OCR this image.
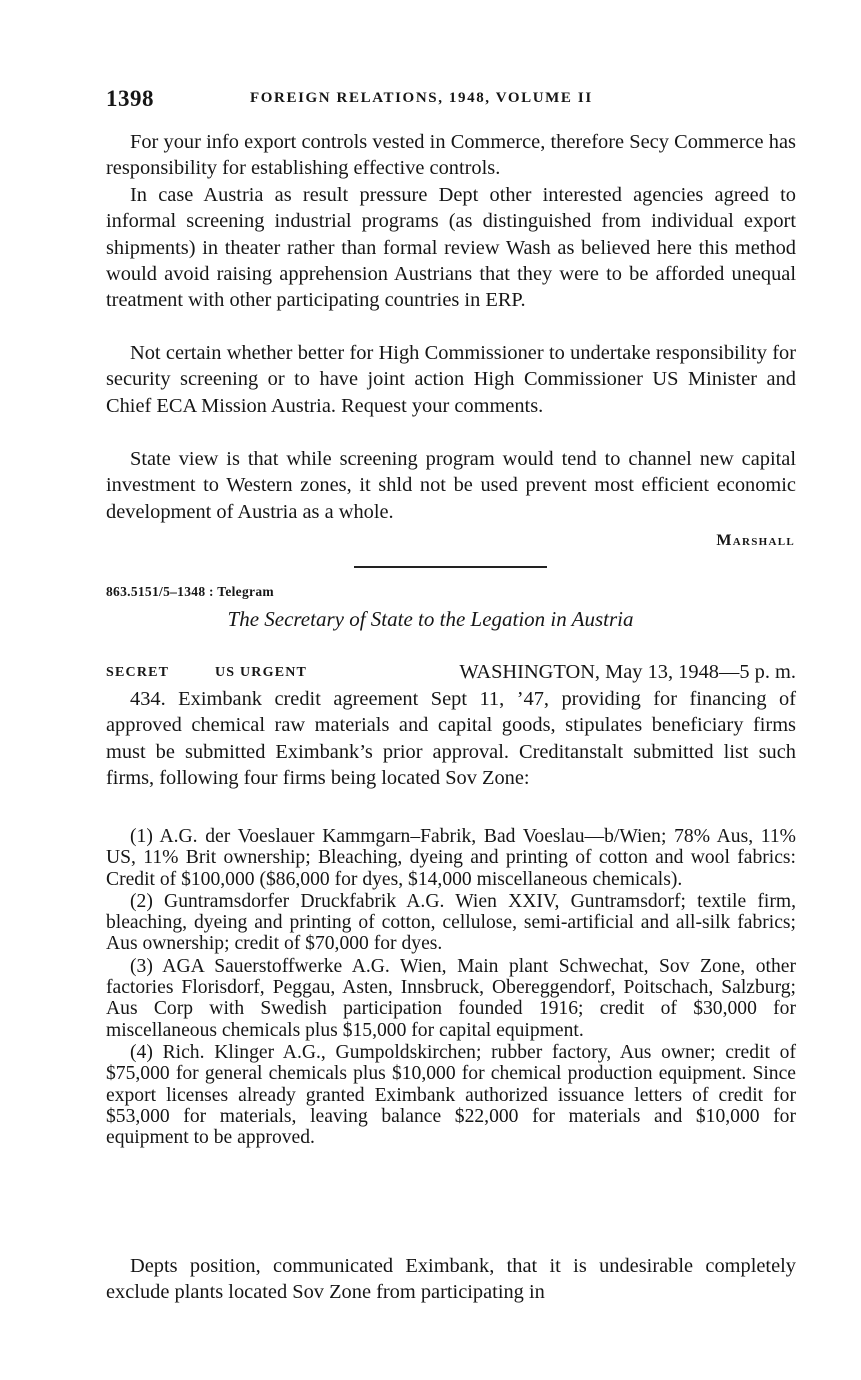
1398	FOREIGN RELATIONS, 1948, VOLUME II

For your info export controls vested in Commerce, therefore Secy Commerce has responsibility for establishing effective controls.

In case Austria as result pressure Dept other interested agencies agreed to informal screening industrial programs (as distinguished from individual export shipments) in theater rather than formal review Wash as believed here this method would avoid raising apprehension Austrians that they were to be afforded unequal treatment with other participating countries in ERP.

Not certain whether better for High Commissioner to undertake responsibility for security screening or to have joint action High Commissioner US Minister and Chief ECA Mission Austria. Request your comments.

State view is that while screening program would tend to channel new capital investment to Western zones, it shld not be used prevent most efficient economic development of Austria as a whole.

Marshall
863.5151/5–1348 : Telegram
The Secretary of State to the Legation in Austria
SECRET	US URGENT	WASHINGTON, May 13, 1948—5 p. m.

434. Eximbank credit agreement Sept 11, ’47, providing for financing of approved chemical raw materials and capital goods, stipulates beneficiary firms must be submitted Eximbank’s prior approval. Creditanstalt submitted list such firms, following four firms being located Sov Zone:

(1) A.G. der Voeslauer Kammgarn–Fabrik, Bad Voeslau—b/Wien; 78% Aus, 11% US, 11% Brit ownership; Bleaching, dyeing and printing of cotton and wool fabrics: Credit of $100,000 ($86,000 for dyes, $14,000 miscellaneous chemicals).
(2) Guntramsdorfer Druckfabrik A.G. Wien XXIV, Guntramsdorf; textile firm, bleaching, dyeing and printing of cotton, cellulose, semi-artificial and all-silk fabrics; Aus ownership; credit of $70,000 for dyes.
(3) AGA Sauerstoffwerke A.G. Wien, Main plant Schwechat, Sov Zone, other factories Florisdorf, Peggau, Asten, Innsbruck, Obereggendorf, Poitschach, Salzburg; Aus Corp with Swedish participation founded 1916; credit of $30,000 for miscellaneous chemicals plus $15,000 for capital equipment.
(4) Rich. Klinger A.G., Gumpoldskirchen; rubber factory, Aus owner; credit of $75,000 for general chemicals plus $10,000 for chemical production equipment. Since export licenses already granted Eximbank authorized issuance letters of credit for $53,000 for materials, leaving balance $22,000 for materials and $10,000 for equipment to be approved.

Depts position, communicated Eximbank, that it is undesirable completely exclude plants located Sov Zone from participating in
